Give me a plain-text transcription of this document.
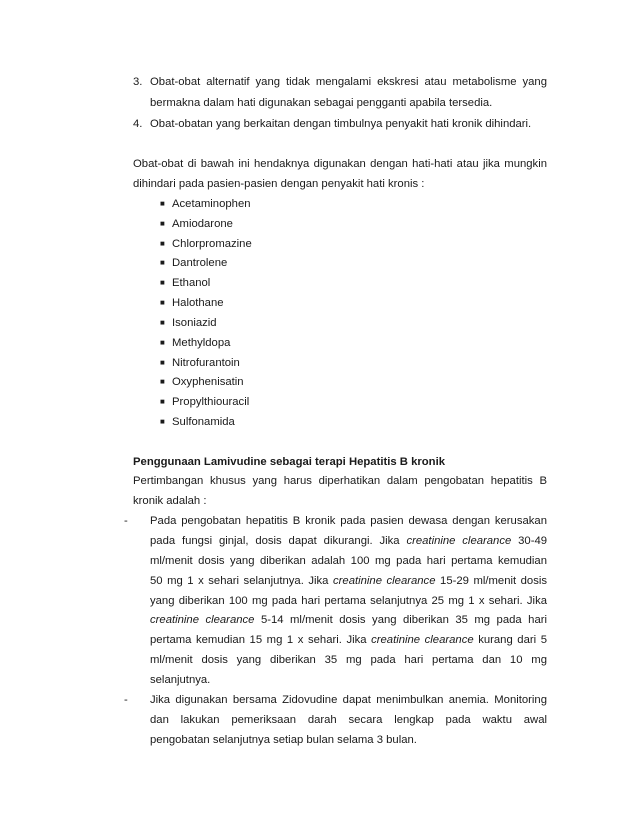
3. Obat-obat alternatif yang tidak mengalami ekskresi atau metabolisme yang
bermakna dalam hati digunakan sebagai pengganti apabila tersedia.
4. Obat-obatan yang berkaitan dengan timbulnya penyakit hati kronik dihindari.
Obat-obat di bawah ini hendaknya digunakan dengan hati-hati atau jika mungkin
dihindari pada pasien-pasien dengan penyakit hati kronis :
■ Acetaminophen
■ Amiodarone
■ Chlorpromazine
■ Dantrolene
■ Ethanol
■ Halothane
■ Isoniazid
■ Methyldopa
■ Nitrofurantoin
■ Oxyphenisatin
■ Propylthiouracil
■ Sulfonamida
Penggunaan Lamivudine sebagai terapi Hepatitis B kronik
Pertimbangan khusus yang harus diperhatikan dalam pengobatan hepatitis B
kronik adalah :
- Pada pengobatan hepatitis B kronik pada pasien dewasa dengan kerusakan
pada fungsi ginjal, dosis dapat dikurangi. Jika creatinine clearance 30-49
ml/menit dosis yang diberikan adalah 100 mg pada hari pertama kemudian
50 mg 1 x sehari selanjutnya. Jika creatinine clearance 15-29 ml/menit dosis
yang diberikan 100 mg pada hari pertama selanjutnya 25 mg 1 x sehari. Jika
creatinine clearance 5-14 ml/menit dosis yang diberikan 35 mg pada hari
pertama kemudian 15 mg 1 x sehari. Jika creatinine clearance kurang dari 5
ml/menit dosis yang diberikan 35 mg pada hari pertama dan 10 mg
selanjutnya.
- Jika digunakan bersama Zidovudine dapat menimbulkan anemia. Monitoring
dan lakukan pemeriksaan darah secara lengkap pada waktu awal
pengobatan selanjutnya setiap bulan selama 3 bulan.
